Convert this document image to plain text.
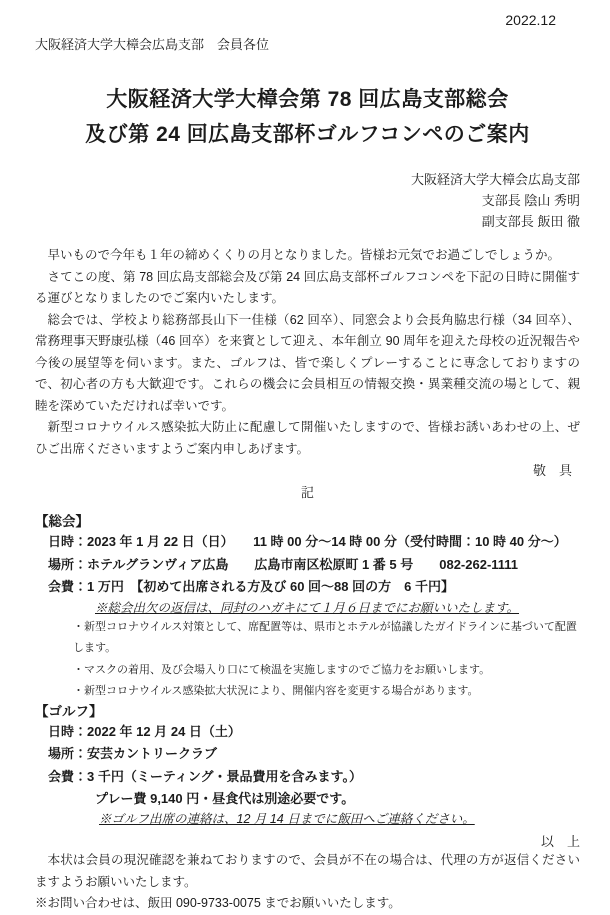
2022.12
大阪経済大学大樟会広島支部　会員各位
大阪経済大学大樟会第 78 回広島支部総会
及び第 24 回広島支部杯ゴルフコンペのご案内
大阪経済大学大樟会広島支部
支部長 陰山 秀明
副支部長 飯田 徹

早いもので今年も１年の締めくくりの月となりました。皆様お元気でお過ごしでしょうか。

さてこの度、第 78 回広島支部総会及び第 24 回広島支部杯ゴルフコンペを下記の日時に開催する運びとなりましたのでご案内いたします。

総会では、学校より総務部長山下一佳様（62 回卒）、同窓会より会長角脇忠行様（34 回卒）、常務理事天野康弘様（46 回卒）を来賓として迎え、本年創立 90 周年を迎えた母校の近況報告や今後の展望等を伺います。また、ゴルフは、皆で楽しくプレーすることに専念しておりますので、初心者の方も大歓迎です。これらの機会に会員相互の情報交換・異業種交流の場として、親睦を深めていただければ幸いです。

新型コロナウイルス感染拡大防止に配慮して開催いたしますので、皆様お誘いあわせの上、ぜひご出席くださいますようご案内申しあげます。

敬　具
記
【総会】
日時：2023 年 1 月 22 日（日）　　11 時 00 分～14 時 00 分（受付時間：10 時 40 分～）
場所：ホテルグランヴィア広島　　広島市南区松原町 1 番 5 号　　082-262-1111
会費：1 万円　【初めて出席される方及び 60 回～88 回の方　6 千円】
※総会出欠の返信は、同封のハガキにて１月６日までにお願いいたします。
・新型コロナウイルス対策として、席配置等は、県市とホテルが協議したガイドラインに基づいて配置します。
・マスクの着用、及び会場入り口にて検温を実施しますのでご協力をお願いします。
・新型コロナウイルス感染拡大状況により、開催内容を変更する場合があります。
【ゴルフ】
日時：2022 年 12 月 24 日（土）
場所：安芸カントリークラブ
会費：3 千円（ミーティング・景品費用を含みます。）
プレー費 9,140 円・昼食代は別途必要です。
※ゴルフ出席の連絡は、12 月 14 日までに飯田へご連絡ください。
以　上

本状は会員の現況確認を兼ねておりますので、会員が不在の場合は、代理の方が返信くださいますようお願いいたします。

※お問い合わせは、飯田 090-9733-0075 までお願いいたします。
